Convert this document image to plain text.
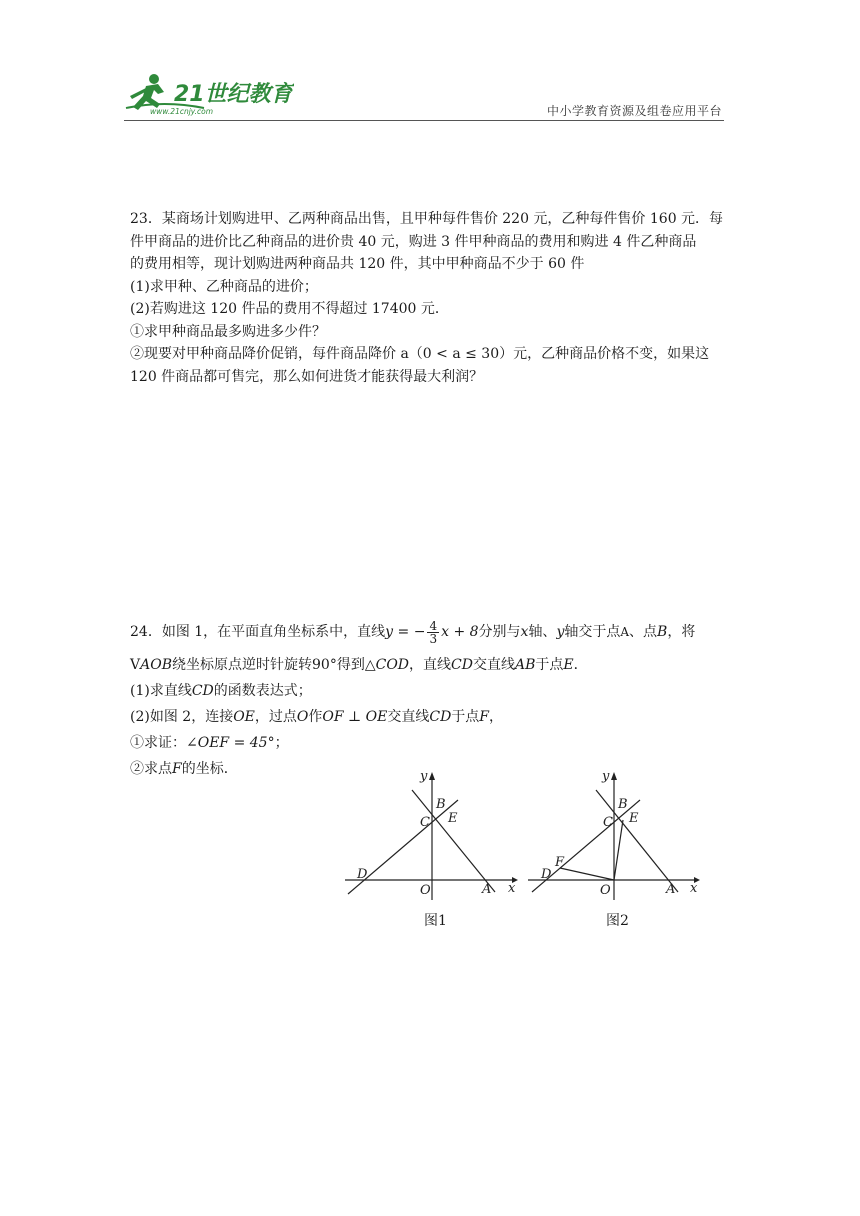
21世纪教育
www.21cnjy.com	中小学教育资源及组卷应用平台
23．某商场计划购进甲、乙两种商品出售，且甲种每件售价 220 元，乙种每件售价 160 元．每
件甲商品的进价比乙种商品的进价贵 40 元，购进 3 件甲种商品的费用和购进 4 件乙种商品
的费用相等，现计划购进两种商品共 120 件，其中甲种商品不少于 60 件
(1)求甲种、乙种商品的进价；
(2)若购进这 120 件品的费用不得超过 17400 元．
①求甲种商品最多购进多少件？
②现要对甲种商品降价促销，每件商品降价 a（0 < a ≤ 30）元，乙种商品价格不变，如果这
120 件商品都可售完，那么如何进货才能获得最大利润？
24．如图 1，在平面直角坐标系中，直线 y = − $\frac{4}{3}$ x + 8 分别与 x 轴、 y 轴交于点 A 、点 B ，将
V AOB 绕坐标原点逆时针旋转90°得到△ COD ，直线 CD 交直线 AB 于点 E ．
(1)求直线 CD 的函数表达式；
(2)如图 2，连接 OE ，过点 O 作 OF ⊥ OE 交直线 CD 于点 F ，
①求证： ∠OEF = 45° ；
②求点 F 的坐标．	y
x
O	A
B
C E
D
图1
y
x
O	A
B
C E
D
F
图2
